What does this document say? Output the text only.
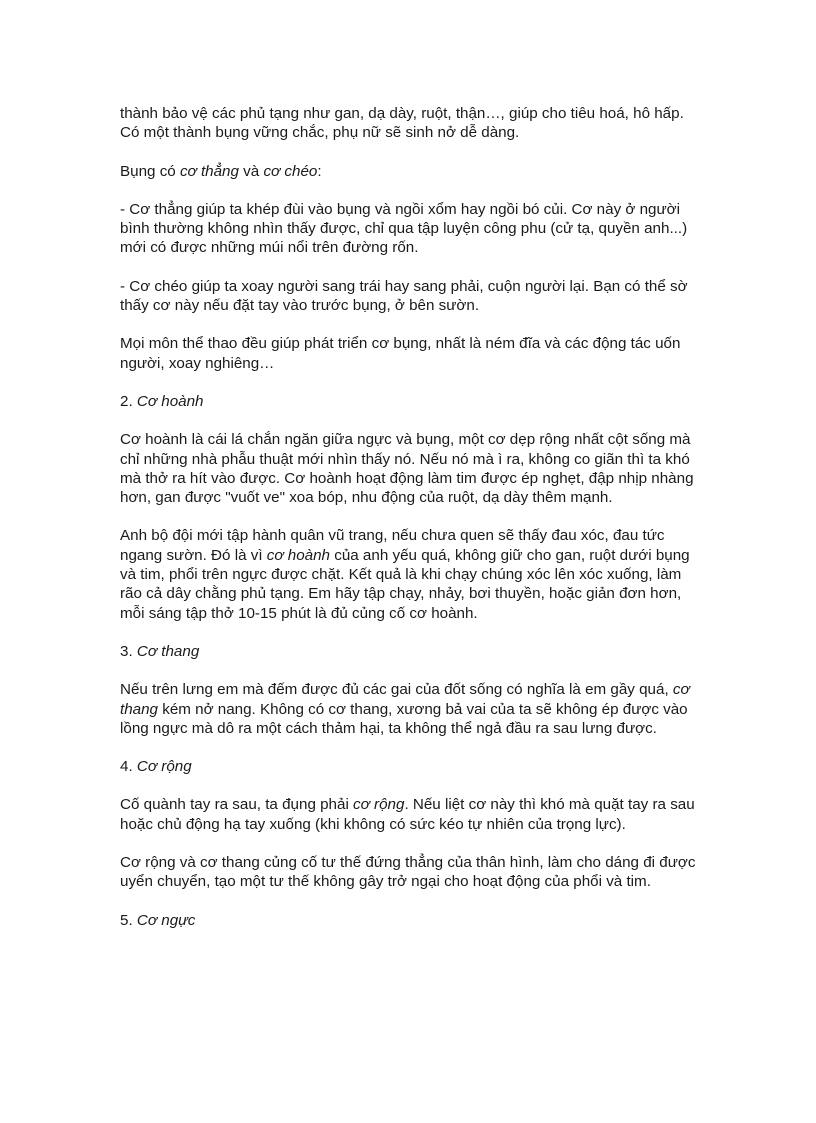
thành bảo vệ các phủ tạng như gan, dạ dày, ruột, thận…, giúp cho tiêu hoá, hô hấp. Có một thành bụng vững chắc, phụ nữ sẽ sinh nở dễ dàng.

Bụng có cơ thẳng và cơ chéo:

- Cơ thẳng giúp ta khép đùi vào bụng và ngồi xổm hay ngồi bó củi. Cơ này ở người bình thường không nhìn thấy được, chỉ qua tập luyện công phu (cử tạ, quyền anh...) mới có được những múi nổi trên đường rốn.

- Cơ chéo giúp ta xoay người sang trái hay sang phải, cuộn người lại. Bạn có thể sờ thấy cơ này nếu đặt tay vào trước bụng, ở bên sườn.

Mọi môn thể thao đều giúp phát triển cơ bụng, nhất là ném đĩa và các động tác uốn người, xoay nghiêng…

2. Cơ hoành

Cơ hoành là cái lá chắn ngăn giữa ngực và bụng, một cơ dẹp rộng nhất cột sống mà chỉ những nhà phẫu thuật mới nhìn thấy nó. Nếu nó mà ì ra, không co giãn thì ta khó mà thở ra hít vào được. Cơ hoành hoạt động làm tim được ép nghẹt, đập nhịp nhàng hơn, gan được "vuốt ve" xoa bóp, nhu động của ruột, dạ dày thêm mạnh.

Anh bộ đội mới tập hành quân vũ trang, nếu chưa quen sẽ thấy đau xóc, đau tức ngang sườn. Đó là vì cơ hoành của anh yếu quá, không giữ cho gan, ruột dưới bụng và tim, phổi trên ngực được chặt. Kết quả là khi chạy chúng xóc lên xóc xuống, làm rão cả dây chằng phủ tạng. Em hãy tập chạy, nhảy, bơi thuyền, hoặc giản đơn hơn, mỗi sáng tập thở 10-15 phút là đủ củng cố cơ hoành.

3. Cơ thang

Nếu trên lưng em mà đếm được đủ các gai của đốt sống có nghĩa là em gầy quá, cơ thang kém nở nang. Không có cơ thang, xương bả vai của ta sẽ không ép được vào lồng ngực mà dô ra một cách thảm hại, ta không thể ngả đầu ra sau lưng được.

4. Cơ rộng

Cố quành tay ra sau, ta đụng phải cơ rộng. Nếu liệt cơ này thì khó mà quặt tay ra sau hoặc chủ động hạ tay xuống (khi không có sức kéo tự nhiên của trọng lực).

Cơ rộng và cơ thang củng cố tư thế đứng thẳng của thân hình, làm cho dáng đi được uyển chuyển, tạo một tư thế không gây trở ngại cho hoạt động của phổi và tim.

5. Cơ ngực
